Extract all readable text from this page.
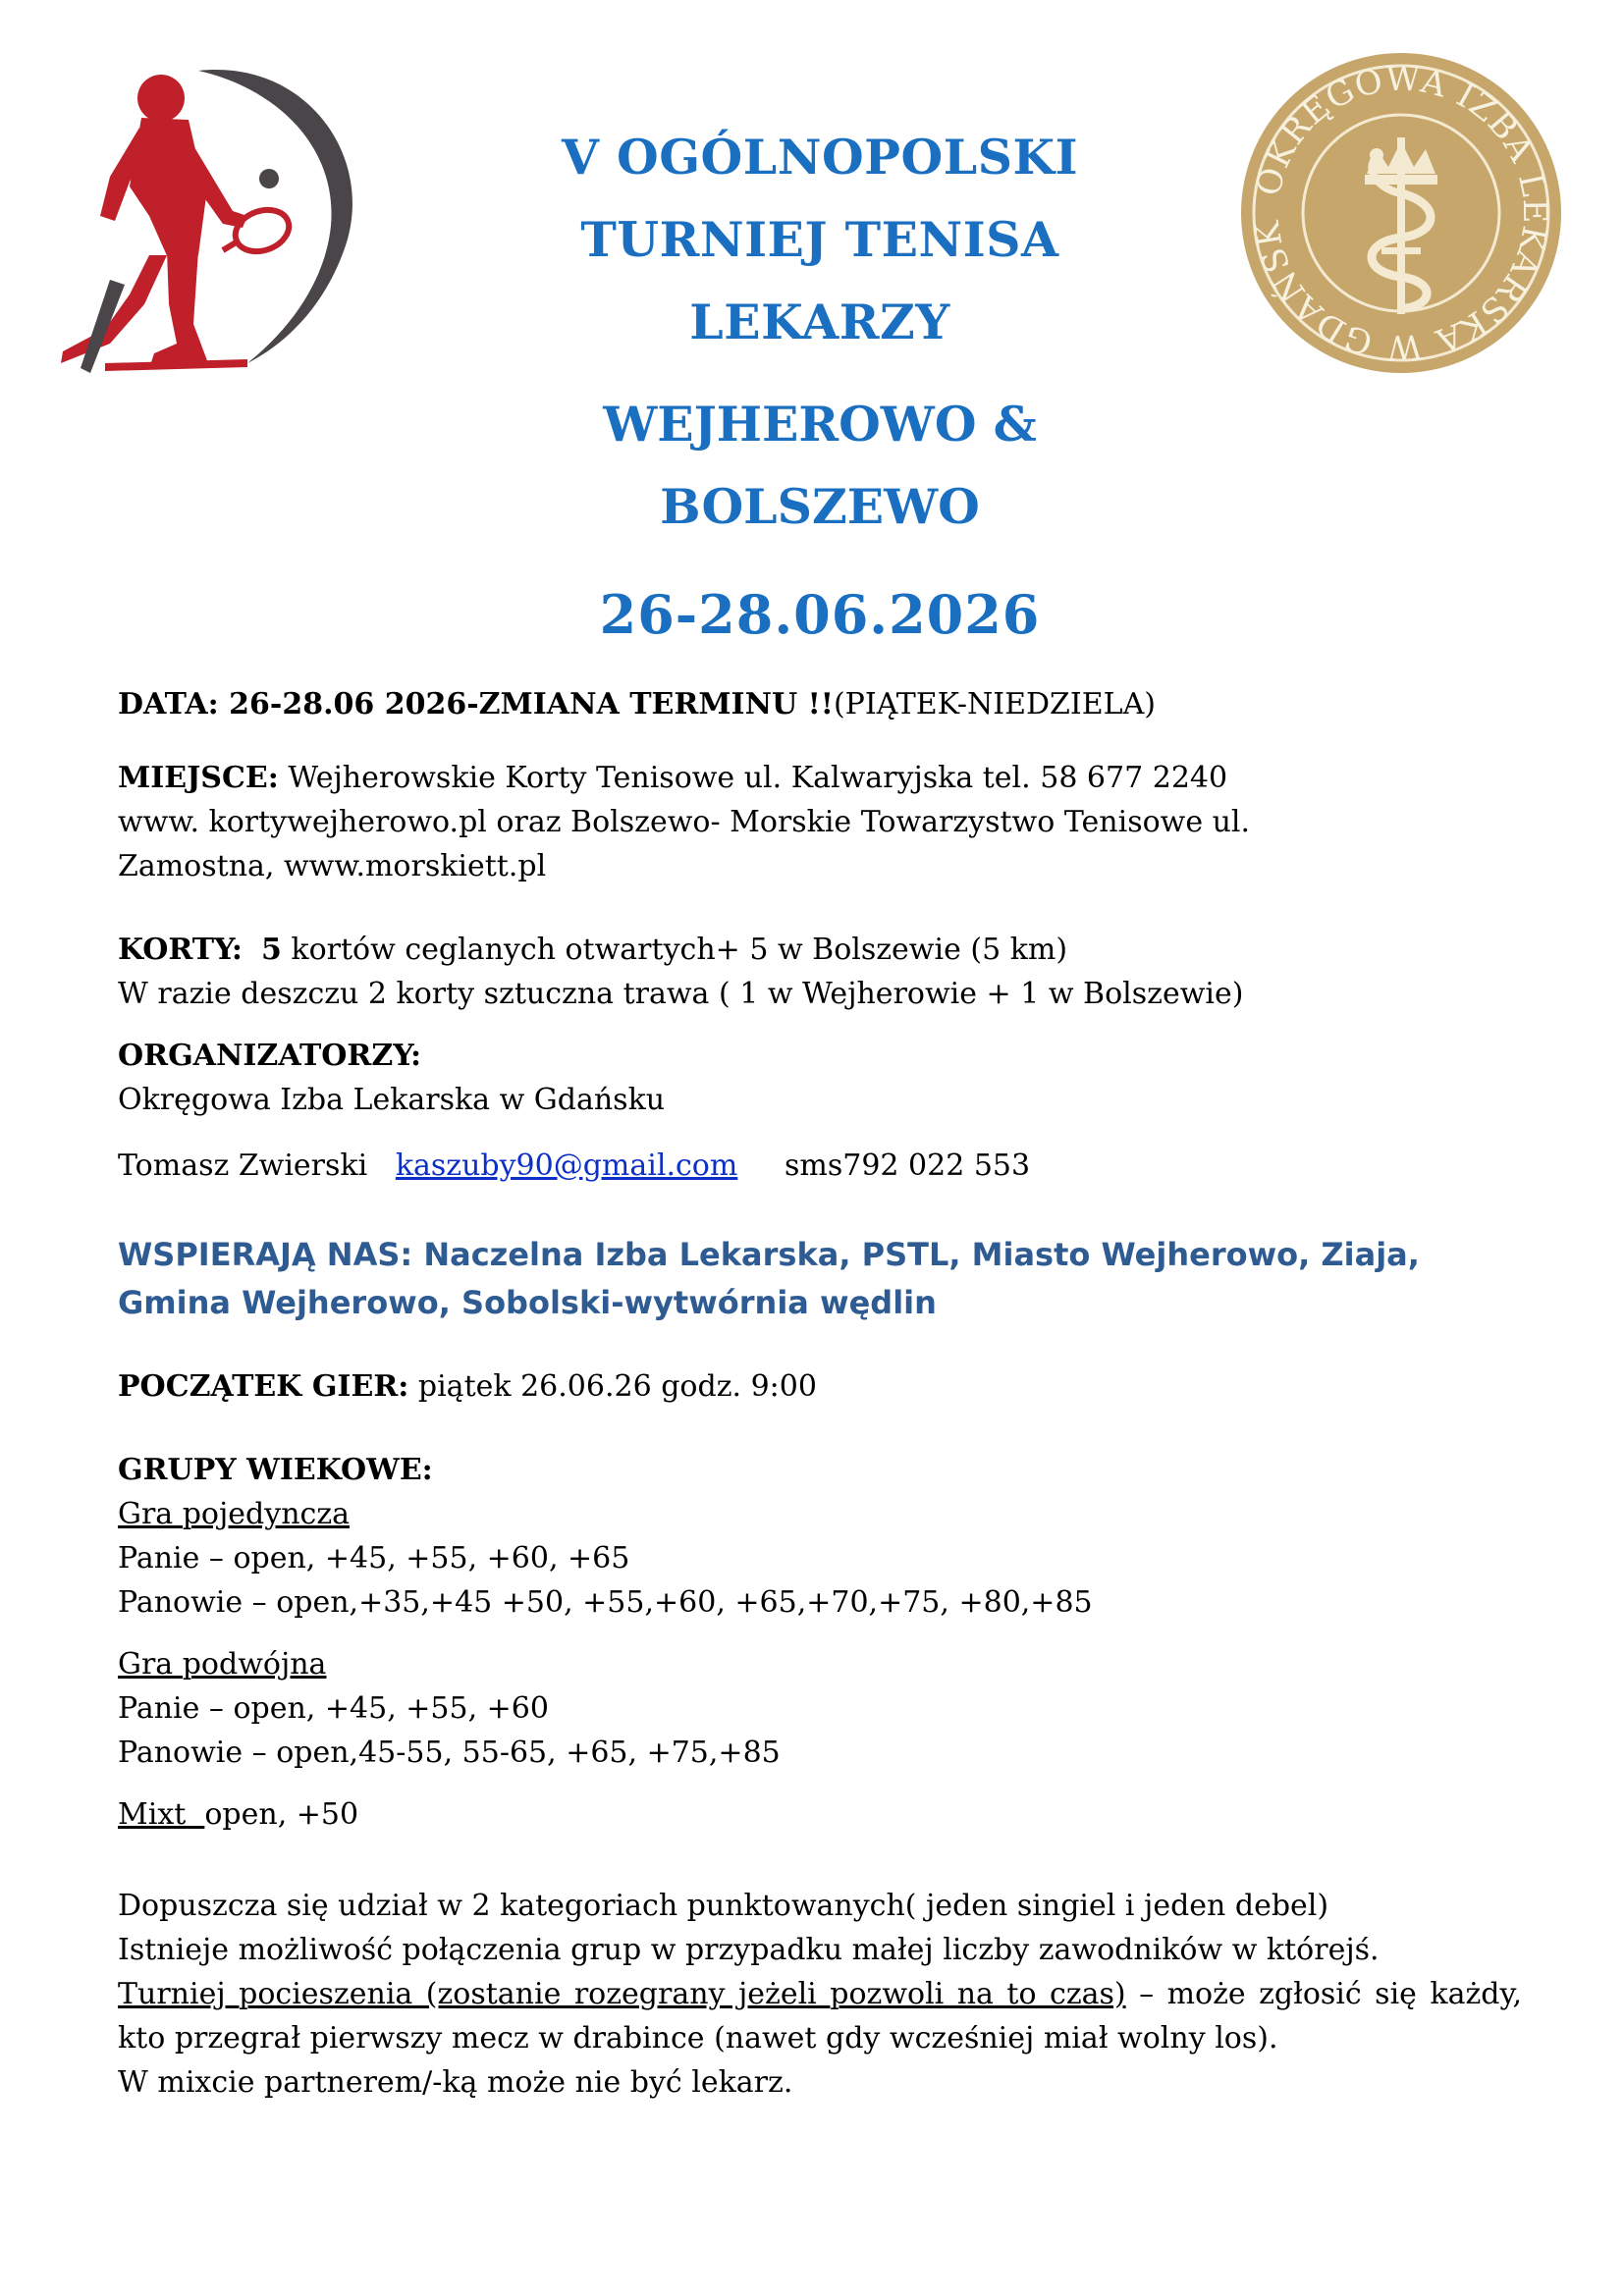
OKRĘGOWA IZBA LEKARSKA W GDAŃSK
V OGÓLNOPOLSKI
TURNIEJ TENISA
LEKARZY
WEJHEROWO &
BOLSZEWO
26-28.06.2026

DATA: 26-28.06 2026-ZMIANA TERMINU !!(PIĄTEK-NIEDZIELA)

MIEJSCE: Wejherowskie Korty Tenisowe ul. Kalwaryjska tel. 58 677 2240
www. kortywejherowo.pl oraz Bolszewo- Morskie Towarzystwo Tenisowe ul.
Zamostna, www.morskiett.pl

KORTY: 5 kortów ceglanych otwartych+ 5 w Bolszewie (5 km)
W razie deszczu 2 korty sztuczna trawa ( 1 w Wejherowie + 1 w Bolszewie)

ORGANIZATORZY:
Okręgowa Izba Lekarska w Gdańsku

Tomasz Zwierski kaszuby90@gmail.com sms792 022 553

WSPIERAJĄ NAS: Naczelna Izba Lekarska, PSTL, Miasto Wejherowo, Ziaja,
Gmina Wejherowo, Sobolski-wytwórnia wędlin

POCZĄTEK GIER: piątek 26.06.26 godz. 9:00

GRUPY WIEKOWE:
Gra pojedyncza
Panie – open, +45, +55, +60, +65
Panowie – open,+35,+45 +50, +55,+60, +65,+70,+75, +80,+85

Gra podwójna
Panie – open, +45, +55, +60
Panowie – open,45-55, 55-65, +65, +75,+85

Mixt  open, +50

Dopuszcza się udział w 2 kategoriach punktowanych( jeden singiel i jeden debel)
Istnieje możliwość połączenia grup w przypadku małej liczby zawodników w którejś.
Turniej pocieszenia (zostanie rozegrany jeżeli pozwoli na to czas) – może zgłosić się każdy, kto przegrał pierwszy mecz w drabince (nawet gdy wcześniej miał wolny los).
W mixcie partnerem/-ką może nie być lekarz.
